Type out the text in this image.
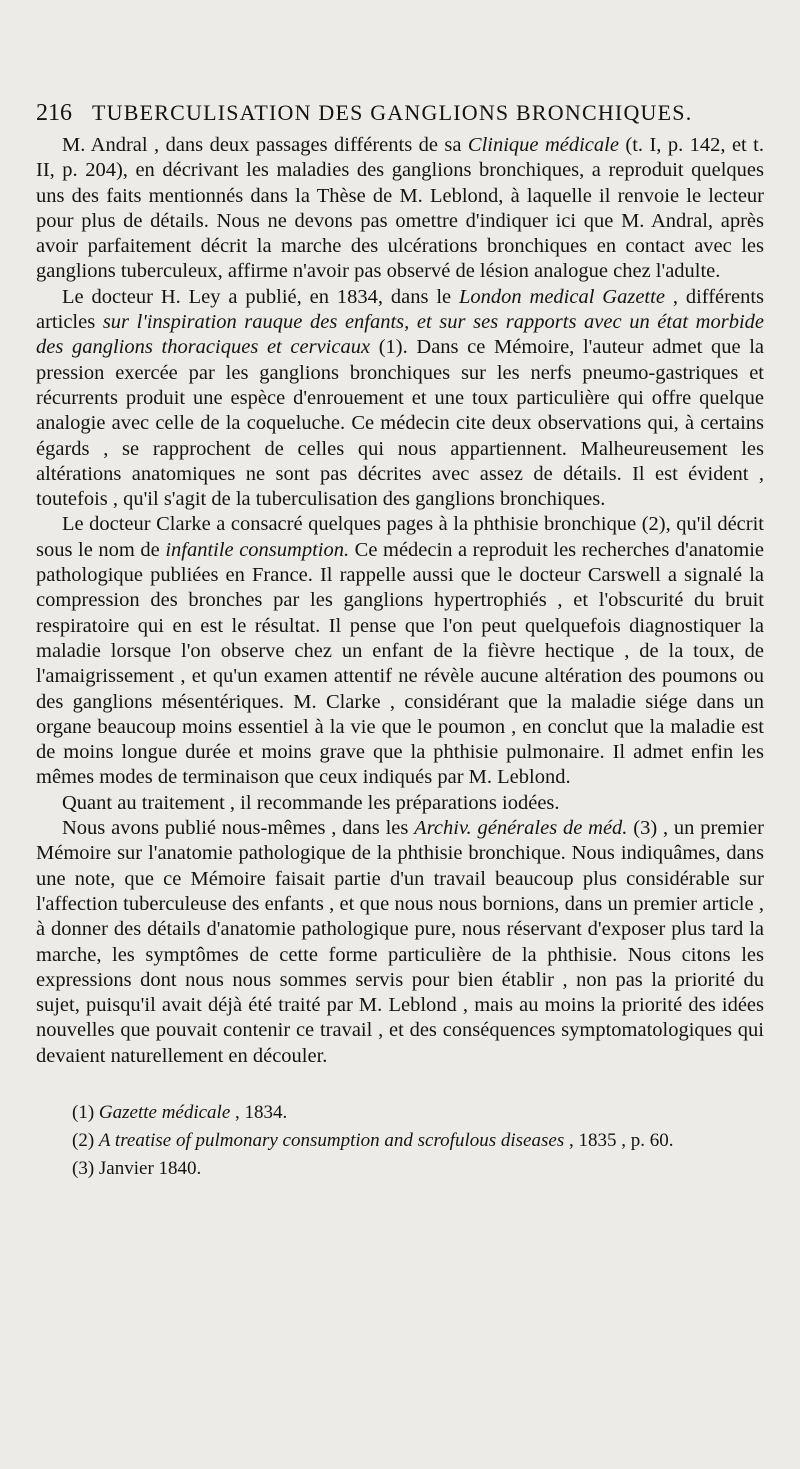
216 TUBERCULISATION DES GANGLIONS BRONCHIQUES.

M. Andral , dans deux passages différents de sa Clinique médicale (t. I, p. 142, et t. II, p. 204), en décrivant les maladies des ganglions bronchiques, a reproduit quelques uns des faits mentionnés dans la Thèse de M. Leblond, à laquelle il renvoie le lecteur pour plus de détails. Nous ne devons pas omettre d'indiquer ici que M. Andral, après avoir parfaitement décrit la marche des ulcérations bronchiques en contact avec les ganglions tuberculeux, affirme n'avoir pas observé de lésion analogue chez l'adulte.

Le docteur H. Ley a publié, en 1834, dans le London medical Gazette , différents articles sur l'inspiration rauque des enfants, et sur ses rapports avec un état morbide des ganglions thoraciques et cervicaux (1). Dans ce Mémoire, l'auteur admet que la pression exercée par les ganglions bronchiques sur les nerfs pneumo-gastriques et récurrents produit une espèce d'enrouement et une toux particulière qui offre quelque analogie avec celle de la coqueluche. Ce médecin cite deux observations qui, à certains égards , se rapprochent de celles qui nous appartiennent. Malheureusement les altérations anatomiques ne sont pas décrites avec assez de détails. Il est évident , toutefois , qu'il s'agit de la tuberculisation des ganglions bronchiques.

Le docteur Clarke a consacré quelques pages à la phthisie bronchique (2), qu'il décrit sous le nom de infantile consumption. Ce médecin a reproduit les recherches d'anatomie pathologique publiées en France. Il rappelle aussi que le docteur Carswell a signalé la compression des bronches par les ganglions hypertrophiés , et l'obscurité du bruit respiratoire qui en est le résultat. Il pense que l'on peut quelquefois diagnostiquer la maladie lorsque l'on observe chez un enfant de la fièvre hectique , de la toux, de l'amaigrissement , et qu'un examen attentif ne révèle aucune altération des poumons ou des ganglions mésentériques. M. Clarke , considérant que la maladie siége dans un organe beaucoup moins essentiel à la vie que le poumon , en conclut que la maladie est de moins longue durée et moins grave que la phthisie pulmonaire. Il admet enfin les mêmes modes de terminaison que ceux indiqués par M. Leblond.

Quant au traitement , il recommande les préparations iodées.

Nous avons publié nous-mêmes , dans les Archiv. générales de méd. (3) , un premier Mémoire sur l'anatomie pathologique de la phthisie bronchique. Nous indiquâmes, dans une note, que ce Mémoire faisait partie d'un travail beaucoup plus considérable sur l'affection tuberculeuse des enfants , et que nous nous bornions, dans un premier article , à donner des détails d'anatomie pathologique pure, nous réservant d'exposer plus tard la marche, les symptômes de cette forme particulière de la phthisie. Nous citons les expressions dont nous nous sommes servis pour bien établir , non pas la priorité du sujet, puisqu'il avait déjà été traité par M. Leblond , mais au moins la priorité des idées nouvelles que pouvait contenir ce travail , et des conséquences symptomatologiques qui devaient naturellement en découler.

(1) Gazette médicale , 1834.

(2) A treatise of pulmonary consumption and scrofulous diseases , 1835 , p. 60.

(3) Janvier 1840.
